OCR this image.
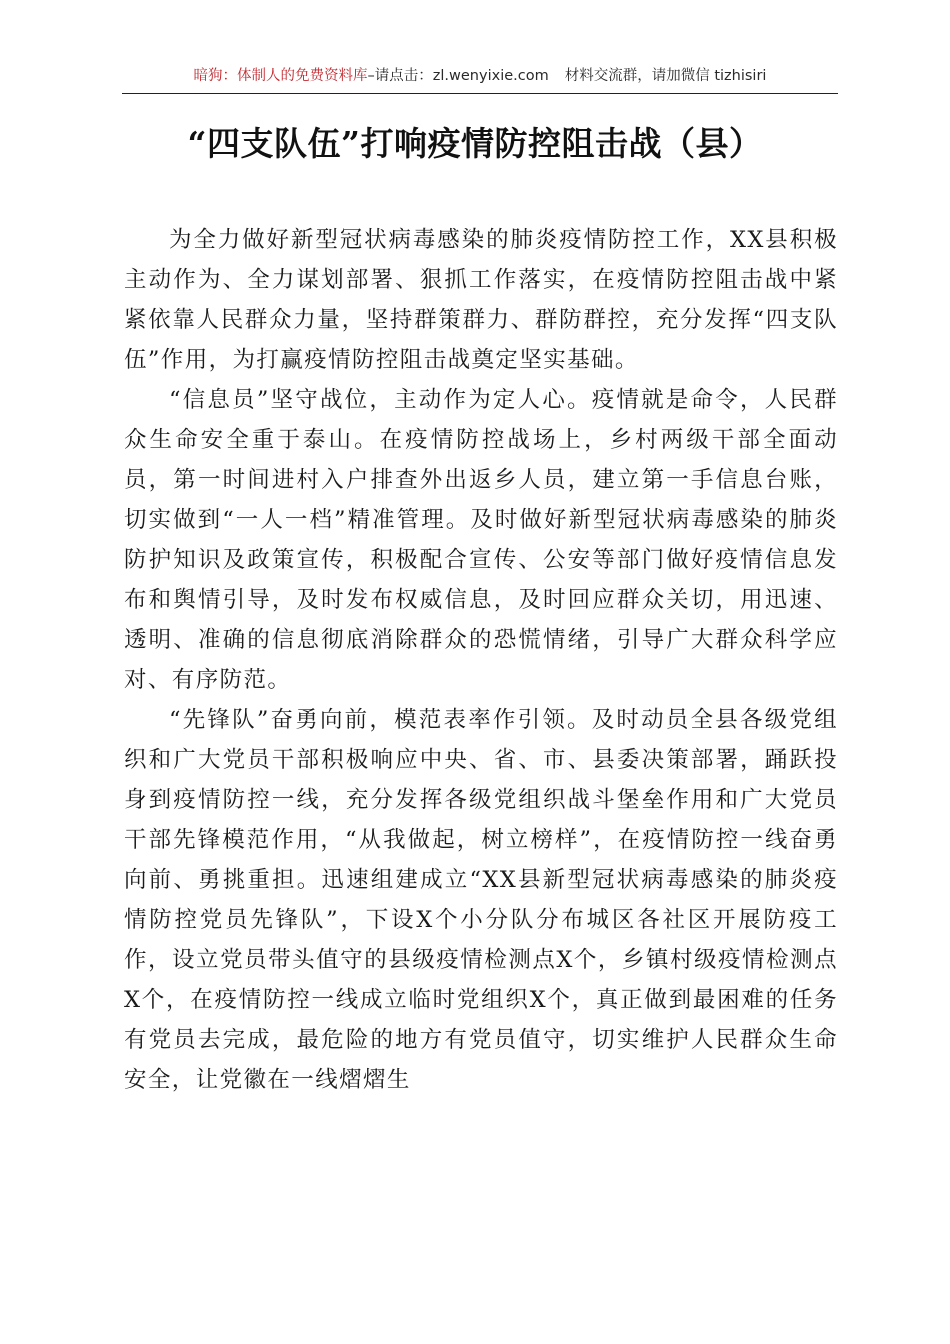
暗狗：体制人的免费资料库–请点击：zl.wenyixie.com 材料交流群，请加微信 tizhisiri
“四支队伍”打响疫情防控阻击战（县）

为全力做好新型冠状病毒感染的肺炎疫情防控工作，XX县积极主动作为、全力谋划部署、狠抓工作落实，在疫情防控阻击战中紧紧依靠人民群众力量，坚持群策群力、群防群控，充分发挥“四支队伍”作用，为打赢疫情防控阻击战奠定坚实基础。

“信息员”坚守战位，主动作为定人心。疫情就是命令，人民群众生命安全重于泰山。在疫情防控战场上，乡村两级干部全面动员，第一时间进村入户排查外出返乡人员，建立第一手信息台账，切实做到“一人一档”精准管理。及时做好新型冠状病毒感染的肺炎防护知识及政策宣传，积极配合宣传、公安等部门做好疫情信息发布和舆情引导，及时发布权威信息，及时回应群众关切，用迅速、透明、准确的信息彻底消除群众的恐慌情绪，引导广大群众科学应对、有序防范。

“先锋队”奋勇向前，模范表率作引领。及时动员全县各级党组织和广大党员干部积极响应中央、省、市、县委决策部署，踊跃投身到疫情防控一线，充分发挥各级党组织战斗堡垒作用和广大党员干部先锋模范作用，“从我做起，树立榜样”，在疫情防控一线奋勇向前、勇挑重担。迅速组建成立“XX县新型冠状病毒感染的肺炎疫情防控党员先锋队”，下设X个小分队分布城区各社区开展防疫工作，设立党员带头值守的县级疫情检测点X个，乡镇村级疫情检测点X个，在疫情防控一线成立临时党组织X个，真正做到最困难的任务有党员去完成，最危险的地方有党员值守，切实维护人民群众生命安全，让党徽在一线熠熠生
